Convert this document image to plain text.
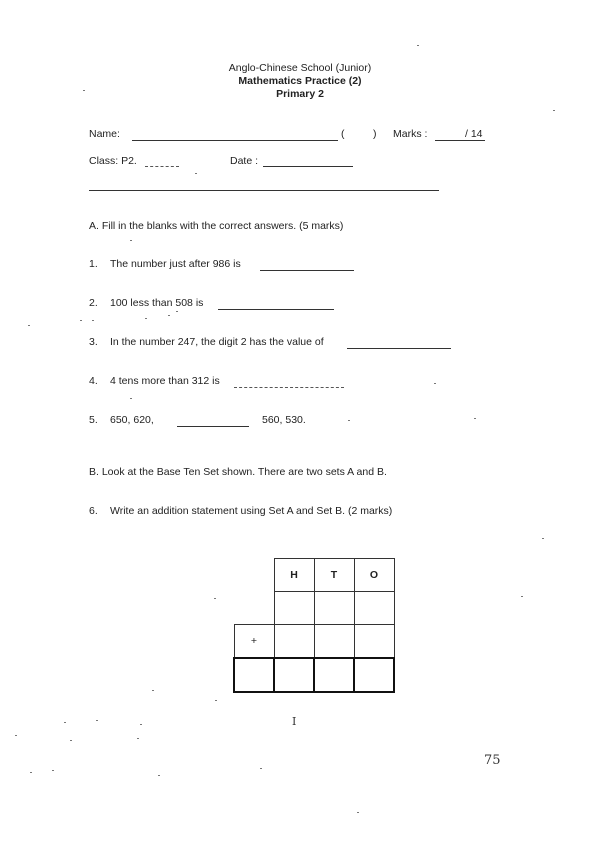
Anglo-Chinese School (Junior)
Mathematics Practice (2)
Primary 2
Name:	(	) Marks :	/ 14
Class: P2.	Date :
A. Fill in the blanks with the correct answers. (5 marks)
1. The number just after 986 is
2. 100 less than 508 is
3. In the number 247, the digit 2 has the value of
4. 4 tens more than 312 is
5. 650, 620,	560, 530.
B. Look at the Base Ten Set shown. There are two sets A and B.
6. Write an addition statement using Set A and Set B. (2 marks)
	H	T	O

+			

I
75
